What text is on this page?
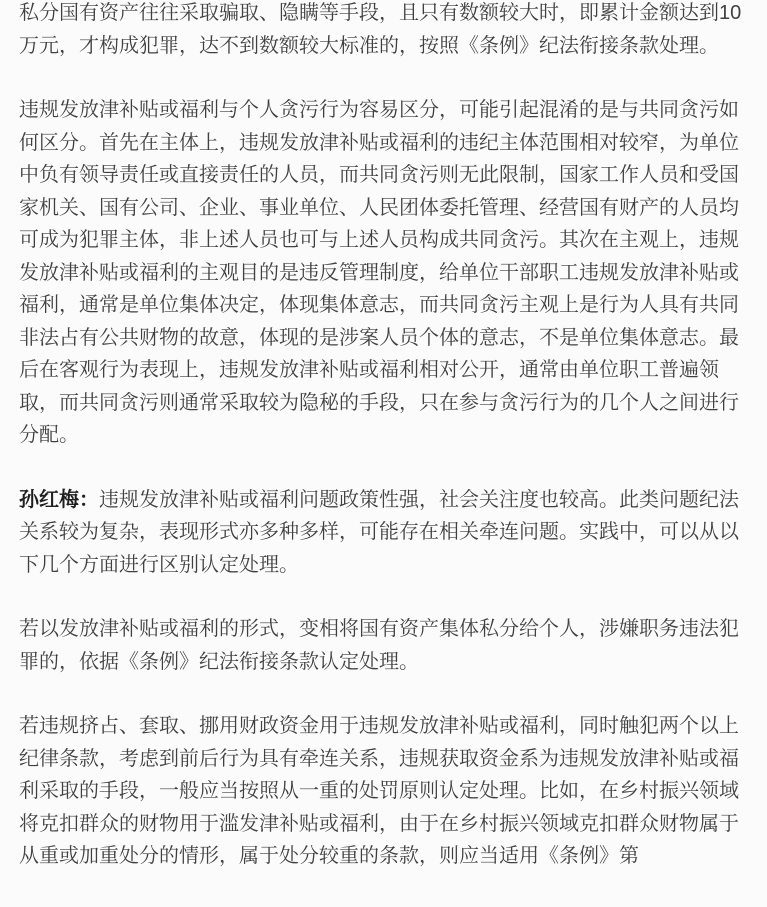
私分国有资产往往采取骗取、隐瞒等手段，且只有数额较大时，即累计金额达到10万元，才构成犯罪，达不到数额较大标准的，按照《条例》纪法衔接条款处理。

违规发放津补贴或福利与个人贪污行为容易区分，可能引起混淆的是与共同贪污如何区分。首先在主体上，违规发放津补贴或福利的违纪主体范围相对较窄，为单位中负有领导责任或直接责任的人员，而共同贪污则无此限制，国家工作人员和受国家机关、国有公司、企业、事业单位、人民团体委托管理、经营国有财产的人员均可成为犯罪主体，非上述人员也可与上述人员构成共同贪污。其次在主观上，违规发放津补贴或福利的主观目的是违反管理制度，给单位干部职工违规发放津补贴或福利，通常是单位集体决定，体现集体意志，而共同贪污主观上是行为人具有共同非法占有公共财物的故意，体现的是涉案人员个体的意志，不是单位集体意志。最后在客观行为表现上，违规发放津补贴或福利相对公开，通常由单位职工普遍领取，而共同贪污则通常采取较为隐秘的手段，只在参与贪污行为的几个人之间进行分配。

孙红梅：违规发放津补贴或福利问题政策性强，社会关注度也较高。此类问题纪法关系较为复杂，表现形式亦多种多样，可能存在相关牵连问题。实践中，可以从以下几个方面进行区别认定处理。

若以发放津补贴或福利的形式，变相将国有资产集体私分给个人，涉嫌职务违法犯罪的，依据《条例》纪法衔接条款认定处理。

若违规挤占、套取、挪用财政资金用于违规发放津补贴或福利，同时触犯两个以上纪律条款，考虑到前后行为具有牵连关系，违规获取资金系为违规发放津补贴或福利采取的手段，一般应当按照从一重的处罚原则认定处理。比如，在乡村振兴领域将克扣群众的财物用于滥发津补贴或福利，由于在乡村振兴领域克扣群众财物属于从重或加重处分的情形，属于处分较重的条款，则应当适用《条例》第
